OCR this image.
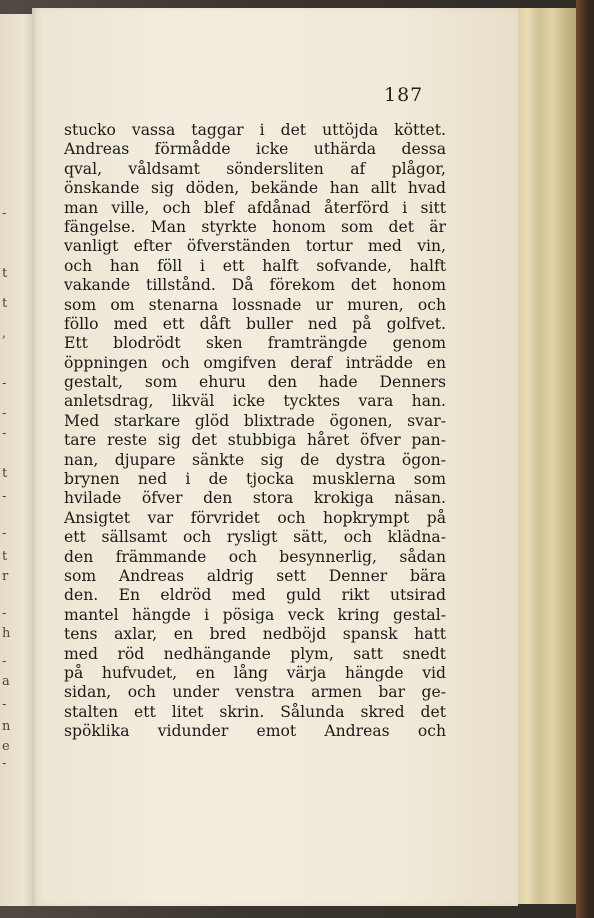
-
t
t
,
-
-
-
t
-
-
t
r
-
h
-
a
-
n
e
-
187
stucko vassa taggar i det uttöjda köttet.
Andreas förmådde icke uthärda dessa
qval, våldsamt söndersliten af plågor,
önskande sig döden, bekände han allt hvad
man ville, och blef afdånad återförd i sitt
fängelse. Man styrkte honom som det är
vanligt efter öfverständen tortur med vin,
och han föll i ett halft sofvande, halft
vakande tillstånd. Då förekom det honom
som om stenarna lossnade ur muren, och
föllo med ett dåft buller ned på golfvet.
Ett blodrödt sken framträngde genom
öppningen och omgifven deraf inträdde en
gestalt, som ehuru den hade Denners
anletsdrag, likväl icke tycktes vara han.
Med starkare glöd blixtrade ögonen, svar-
tare reste sig det stubbiga håret öfver pan-
nan, djupare sänkte sig de dystra ögon-
brynen ned i de tjocka musklerna som
hvilade öfver den stora krokiga näsan.
Ansigtet var förvridet och hopkrympt på
ett sällsamt och rysligt sätt, och klädna-
den främmande och besynnerlig, sådan
som Andreas aldrig sett Denner bära
den. En eldröd med guld rikt utsirad
mantel hängde i pösiga veck kring gestal-
tens axlar, en bred nedböjd spansk hatt
med röd nedhängande plym, satt snedt
på hufvudet, en lång värja hängde vid
sidan, och under venstra armen bar ge-
stalten ett litet skrin. Sålunda skred det
spöklika vidunder emot Andreas och
